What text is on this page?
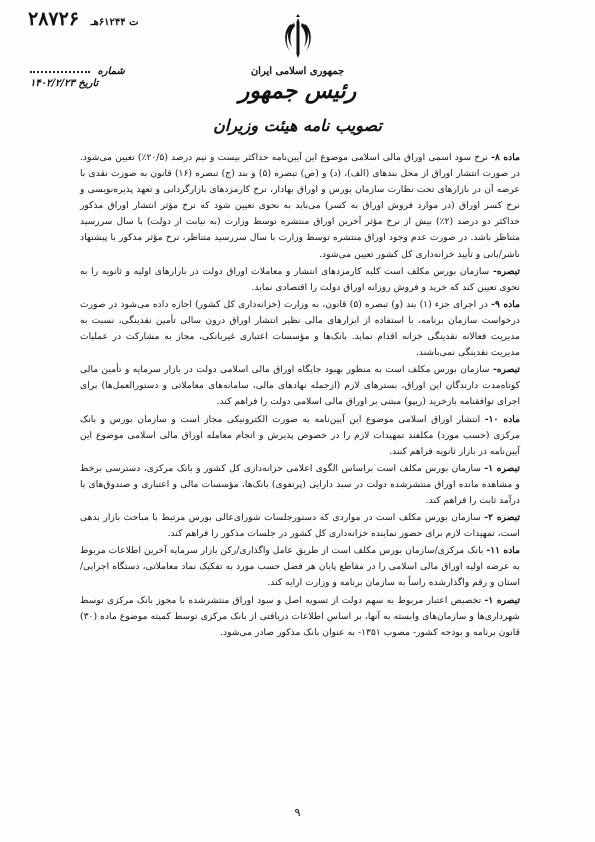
۲۸۷۲۶ ت ۶۱۲۴۴هـ
شماره
۱۴۰۲/۲/۲۳ تاریخ
جمهوری اسلامی ایران
رئیس جمهور
تصویب نامه هیئت وزیران

ماده ۸- نرخ سود اسمی اوراق مالی اسلامی موضوع این آیین‌نامه حداکثر بیست و نیم درصد (۲۰/۵٪) تعیین می‌شود. در صورت انتشار اوراق از محل بندهای (الف)، (د) و (ص) تبصره (۵) و بند (ج) تبصره (۱۶) قانون به صورت نقدی با عرضه آن در بازارهای تحت نظارت سازمان بورس و اوراق بهادار، نرخ کارمزدهای بازارگردانی و تعهد پذیره‌نویسی و نرخ کسر اوراق (در موارد فروش اوراق به کسر) می‌باید به نحوی تعیین شود که نرخ مؤثر انتشار اوراق مذکور حداکثر دو درصد (۲٪) بیش از نرخ مؤثر آخرین اوراق منتشره توسط وزارت (به نیابت از دولت) با سال سررسید متناظر باشد. در صورت عدم وجود اوراق منتشره توسط وزارت با سال سررسید متناظر، نرخ مؤثر مذکور با پیشنهاد ناشر/بانی و تأیید خزانه‌داری کل کشور تعیین می‌شود.

تبصره- سازمان بورس مکلف است کلیه کارمزدهای انتشار و معاملات اوراق دولت در بازارهای اولیه و ثانویه را به نحوی تعیین کند که خرید و فروش روزانه اوراق دولت را اقتصادی نماید.

ماده ۹- در اجرای جزء (۱) بند (و) تبصره (۵) قانون، به وزارت (خزانه‌داری کل کشور) اجازه داده می‌شود در صورت درخواست سازمان برنامه، با استفاده از ابزارهای مالی نظیر انتشار اوراق درون سالی تأمین نقدینگی، نسبت به مدیریت فعالانه نقدینگی خزانه اقدام نماید. بانک‌ها و مؤسسات اعتباری غیربانکی، مجاز به مشارکت در عملیات مدیریت نقدینگی نمی‌باشند.

تبصره- سازمان بورس مکلف است به منظور بهبود جایگاه اوراق مالی اسلامی دولت در بازار سرمایه و تأمین مالی کوتاه‌مدت دارندگان این اوراق، بسترهای لازم (ازجمله نهادهای مالی، سامانه‌های معاملاتی و دستورالعمل‌ها) برای اجرای توافقنامه بازخرید (ریپو) مبتنی بر اوراق مالی اسلامی دولت را فراهم کند.

ماده ۱۰- انتشار اوراق اسلامی موضوع این آیین‌نامه به صورت الکترونیکی مجاز است و سازمان بورس و بانک مرکزی (حسب مورد) مکلفند تمهیدات لازم را در خصوص پذیرش و انجام معامله اوراق مالی اسلامی موضوع این آیین‌نامه در بازار ثانویه فراهم کنند.

تبصره ۱- سازمان بورس مکلف است براساس الگوی اعلامی خزانه‌داری کل کشور و بانک مرکزی، دسترسی برخط و مشاهده مانده اوراق منتشرشده دولت در سبد دارایی (پرتفوی) بانک‌ها، مؤسسات مالی و اعتباری و صندوق‌های با درآمد ثابت را فراهم کند.

تبصره ۲- سازمان بورس مکلف است در مواردی که دستورجلسات شورای‌عالی بورس مرتبط با مباحث بازار بدهی است، تمهیدات لازم برای حضور نماینده خزانه‌داری کل کشور در جلسات مذکور را فراهم کند.

ماده ۱۱- بانک مرکزی/سازمان بورس مکلف است از طریق عامل واگذاری/رکن بازار سرمایه آخرین اطلاعات مربوط به عرضه اولیه اوراق مالی اسلامی را در مقاطع پایان هر فصل حسب مورد به تفکیک نماد معاملاتی، دستگاه اجرایی/استان و رقم واگذارشده راساً به سازمان برنامه و وزارت ارایه کند.

تبصره ۱- تخصیص اعتبار مربوط به سهم دولت از تسویه اصل و سود اوراق منتشرشده با مجوز بانک مرکزی توسط شهرداری‌ها و سازمان‌های وابسته به آنها، بر اساس اطلاعات دریافتی از بانک مرکزی توسط کمیته موضوع ماده (۳۰) قانون برنامه و بودجه کشور- مصوب ۱۳۵۱- به عنوان بانک مذکور صادر می‌شود.

۹
